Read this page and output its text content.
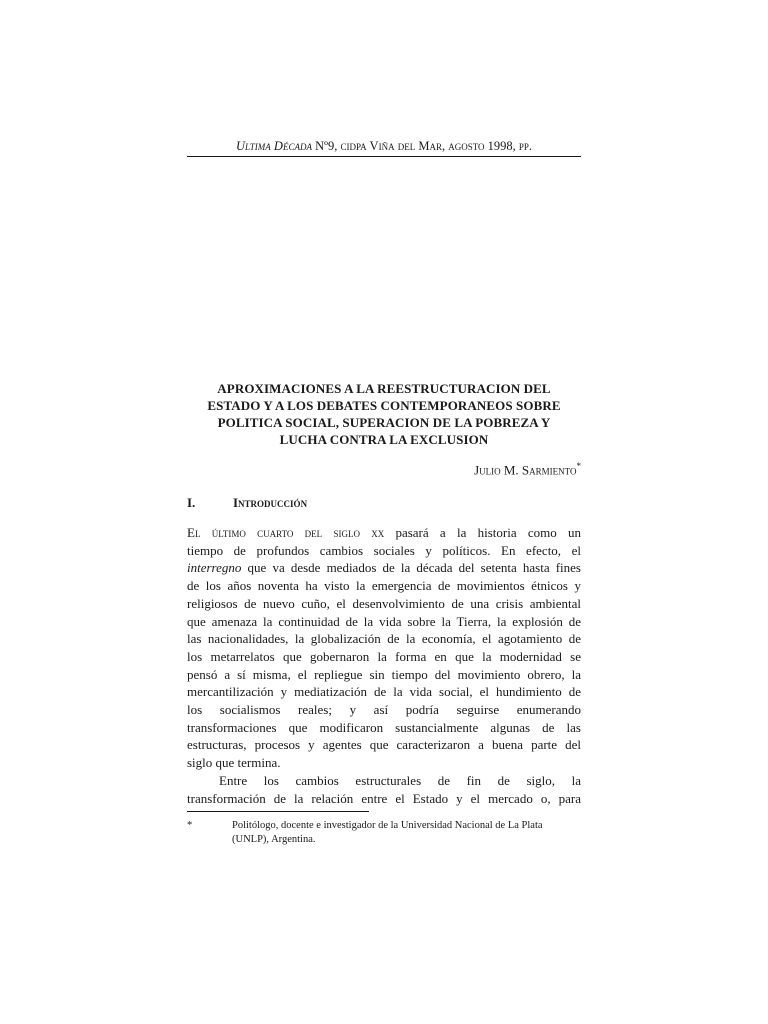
Ultima Década Nº9, cidpa Viña del Mar, agosto 1998, pp.
APROXIMACIONES A LA REESTRUCTURACION DEL
ESTADO Y A LOS DEBATES CONTEMPORANEOS SOBRE
POLITICA SOCIAL, SUPERACION DE LA POBREZA Y
LUCHA CONTRA LA EXCLUSION
Julio M. Sarmiento*
I.	Introducción
El último cuarto del siglo xx pasará a la historia como un
tiempo de profundos cambios sociales y políticos. En efecto, el
interregno que va desde mediados de la década del setenta hasta fines
de los años noventa ha visto la emergencia de movimientos étnicos y
religiosos de nuevo cuño, el desenvolvimiento de una crisis ambiental
que amenaza la continuidad de la vida sobre la Tierra, la explosión de
las nacionalidades, la globalización de la economía, el agotamiento de
los metarrelatos que gobernaron la forma en que la modernidad se
pensó a sí misma, el repliegue sin tiempo del movimiento obrero, la
mercantilización y mediatización de la vida social, el hundimiento de
los socialismos reales; y así podría seguirse enumerando
transformaciones que modificaron sustancialmente algunas de las
estructuras, procesos y agentes que caracterizaron a buena parte del
siglo que termina.
Entre los cambios estructurales de fin de siglo, la
transformación de la relación entre el Estado y el mercado o, para
*	Politólogo, docente e investigador de la Universidad Nacional de La Plata
(UNLP), Argentina.
